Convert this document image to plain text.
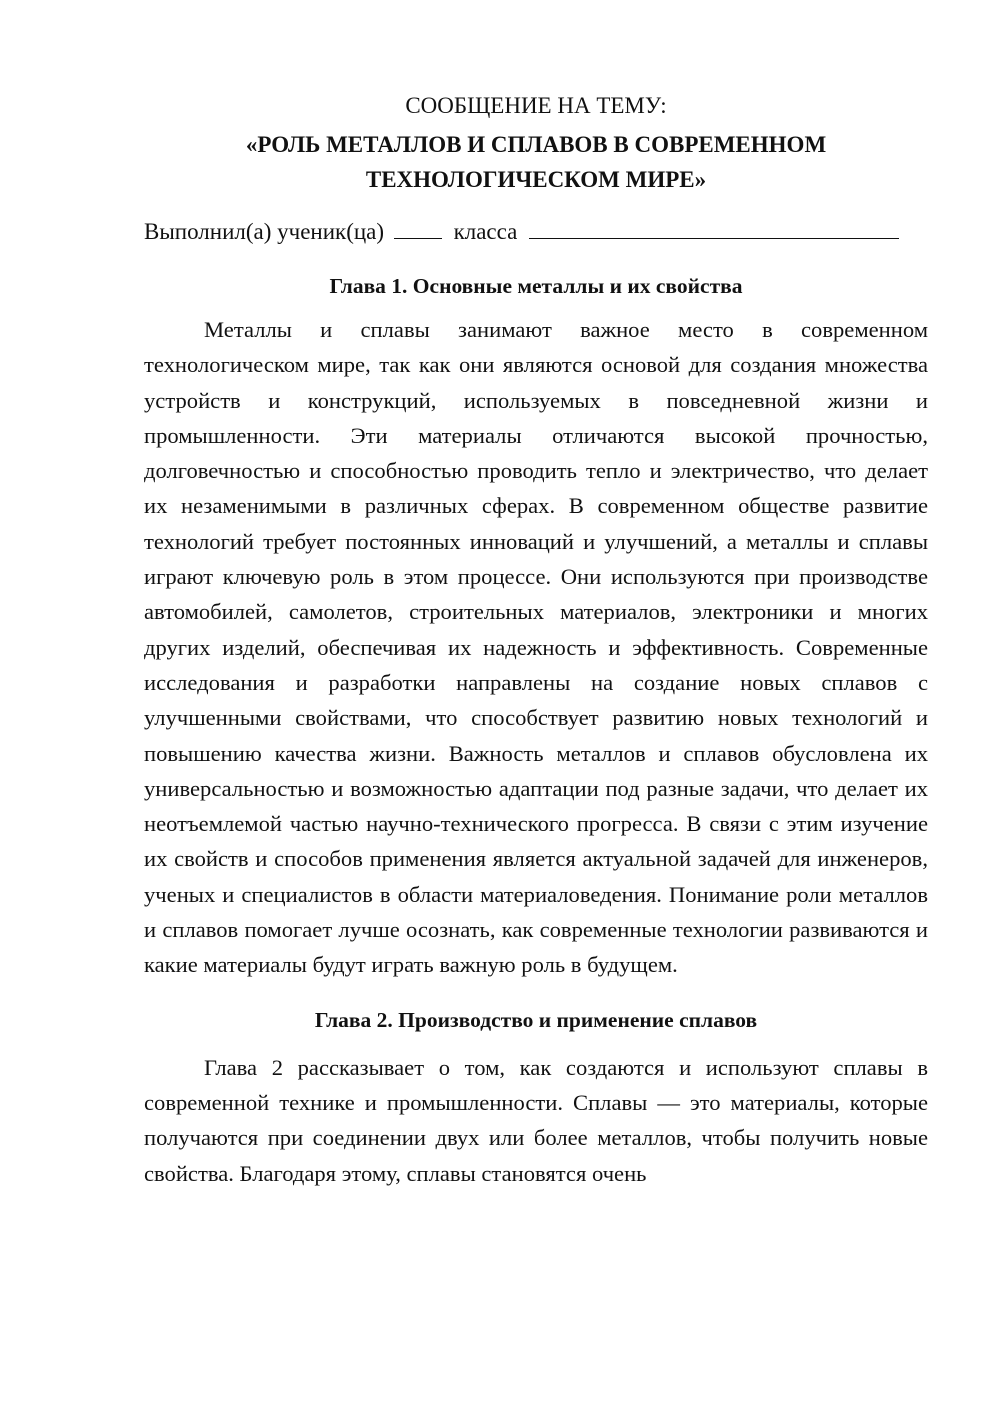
СООБЩЕНИЕ НА ТЕМУ:

«РОЛЬ МЕТАЛЛОВ И СПЛАВОВ В СОВРЕМЕННОМ

ТЕХНОЛОГИЧЕСКОМ МИРЕ»

Выполнил(а) ученик(ца)	класса
Глава 1. Основные металлы и их свойства

Металлы и сплавы занимают важное место в современном технологическом мире, так как они являются основой для создания множества устройств и конструкций, используемых в повседневной жизни и промышленности. Эти материалы отличаются высокой прочностью, долговечностью и способностью проводить тепло и электричество, что делает их незаменимыми в различных сферах. В современном обществе развитие технологий требует постоянных инноваций и улучшений, а металлы и сплавы играют ключевую роль в этом процессе. Они используются при производстве автомобилей, самолетов, строительных материалов, электроники и многих других изделий, обеспечивая их надежность и эффективность. Современные исследования и разработки направлены на создание новых сплавов с улучшенными свойствами, что способствует развитию новых технологий и повышению качества жизни. Важность металлов и сплавов обусловлена их универсальностью и возможностью адаптации под разные задачи, что делает их неотъемлемой частью научно-технического прогресса. В связи с этим изучение их свойств и способов применения является актуальной задачей для инженеров, ученых и специалистов в области материаловедения. Понимание роли металлов и сплавов помогает лучше осознать, как современные технологии развиваются и какие материалы будут играть важную роль в будущем.

Глава 2. Производство и применение сплавов

Глава 2 рассказывает о том, как создаются и используют сплавы в современной технике и промышленности. Сплавы — это материалы, которые получаются при соединении двух или более металлов, чтобы получить новые свойства. Благодаря этому, сплавы становятся очень
